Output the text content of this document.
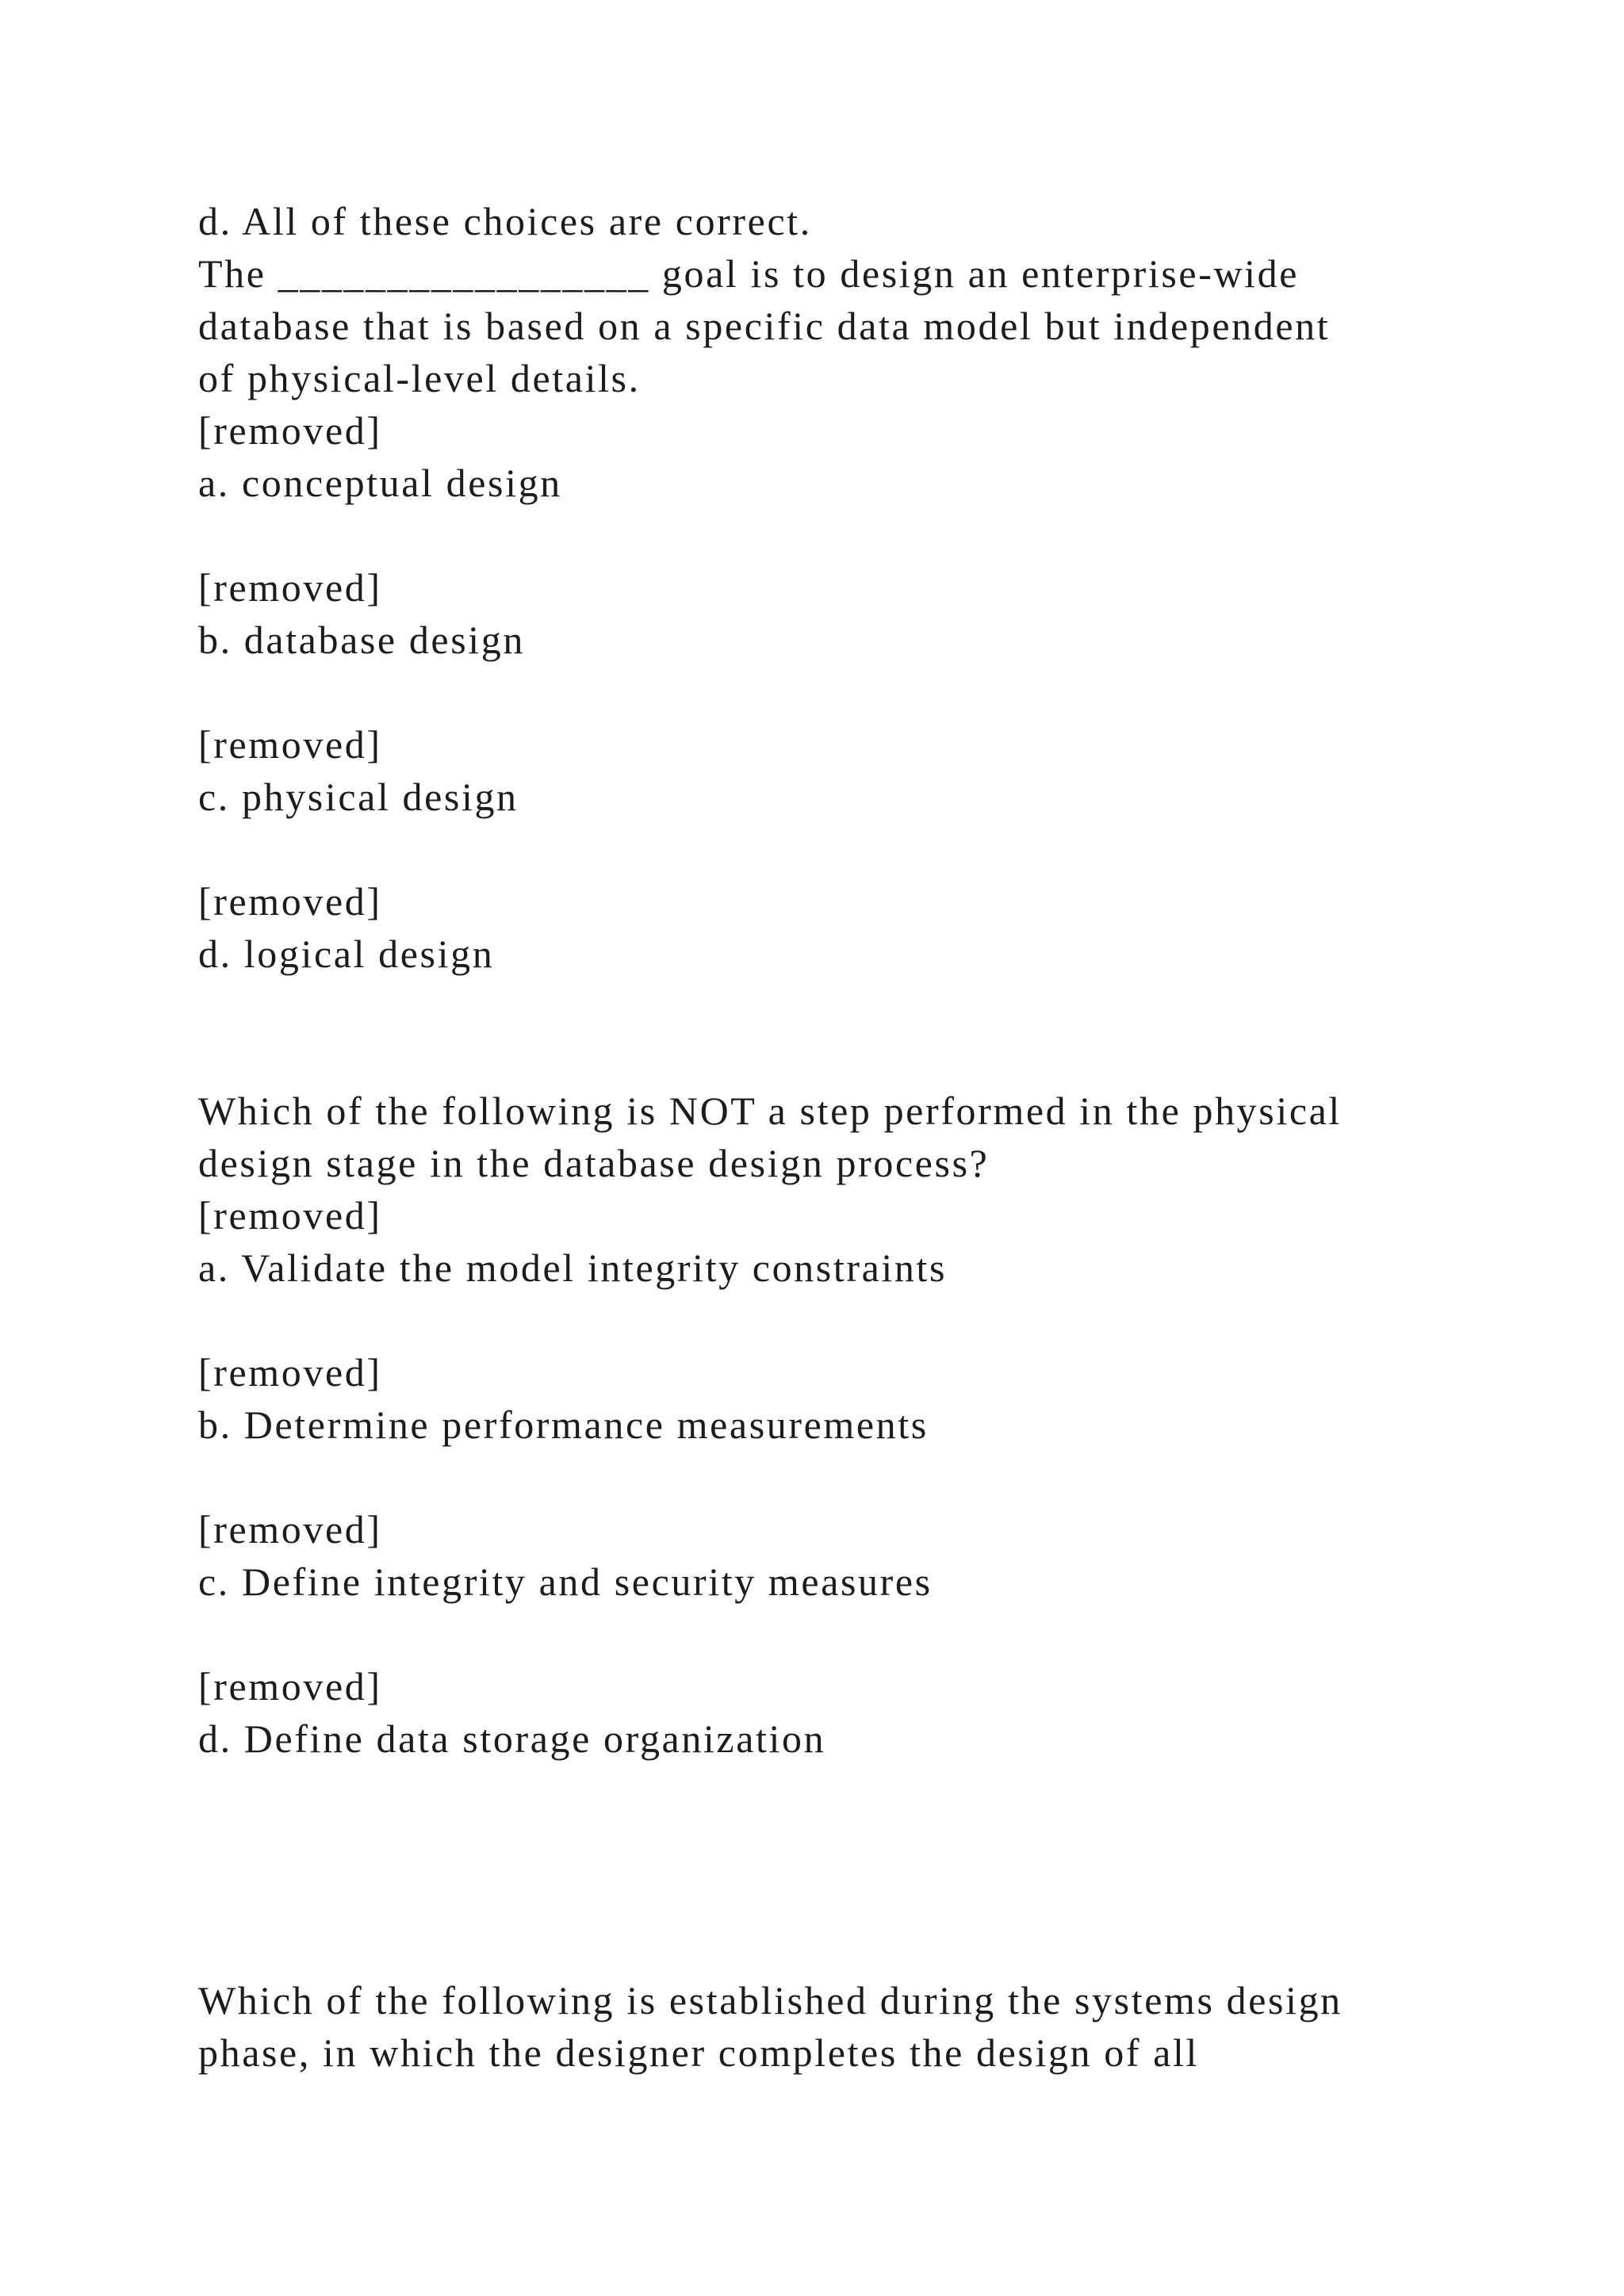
d. All of these choices are correct.
The _________________ goal is to design an enterprise-wide
database that is based on a specific data model but independent
of physical-level details.
[removed]
a. conceptual design
[removed]
b. database design
[removed]
c. physical design
[removed]
d. logical design
Which of the following is NOT a step performed in the physical
design stage in the database design process?
[removed]
a. Validate the model integrity constraints
[removed]
b. Determine performance measurements
[removed]
c. Define integrity and security measures
[removed]
d. Define data storage organization
Which of the following is established during the systems design
phase, in which the designer completes the design of all
